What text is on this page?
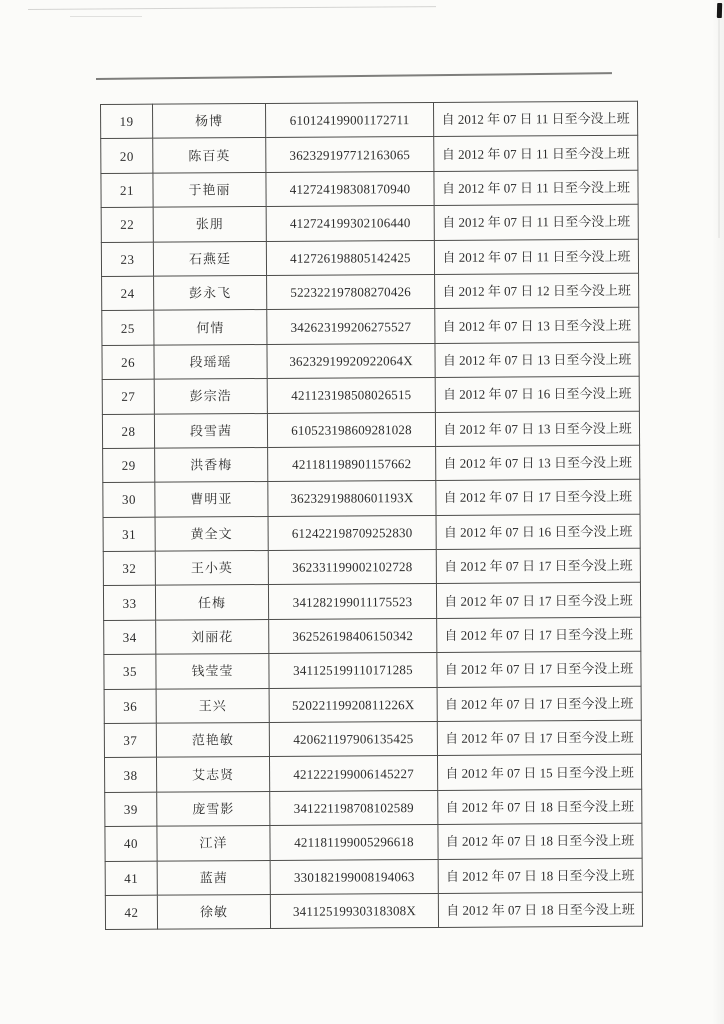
19	杨博	610124199001172711	自 2012 年 07 日 11 日至今没上班
20	陈百英	362329197712163065	自 2012 年 07 日 11 日至今没上班
21	于艳丽	412724198308170940	自 2012 年 07 日 11 日至今没上班
22	张朋	412724199302106440	自 2012 年 07 日 11 日至今没上班
23	石燕廷	412726198805142425	自 2012 年 07 日 11 日至今没上班
24	彭永飞	522322197808270426	自 2012 年 07 日 12 日至今没上班
25	何情	342623199206275527	自 2012 年 07 日 13 日至今没上班
26	段瑶瑶	36232919920922064X	自 2012 年 07 日 13 日至今没上班
27	彭宗浩	421123198508026515	自 2012 年 07 日 16 日至今没上班
28	段雪茜	610523198609281028	自 2012 年 07 日 13 日至今没上班
29	洪香梅	421181198901157662	自 2012 年 07 日 13 日至今没上班
30	曹明亚	36232919880601193X	自 2012 年 07 日 17 日至今没上班
31	黄全文	612422198709252830	自 2012 年 07 日 16 日至今没上班
32	王小英	362331199002102728	自 2012 年 07 日 17 日至今没上班
33	任梅	341282199011175523	自 2012 年 07 日 17 日至今没上班
34	刘丽花	362526198406150342	自 2012 年 07 日 17 日至今没上班
35	钱莹莹	341125199110171285	自 2012 年 07 日 17 日至今没上班
36	王兴	52022119920811226X	自 2012 年 07 日 17 日至今没上班
37	范艳敏	420621197906135425	自 2012 年 07 日 17 日至今没上班
38	艾志贤	421222199006145227	自 2012 年 07 日 15 日至今没上班
39	庞雪影	341221198708102589	自 2012 年 07 日 18 日至今没上班
40	江洋	421181199005296618	自 2012 年 07 日 18 日至今没上班
41	蓝茜	330182199008194063	自 2012 年 07 日 18 日至今没上班
42	徐敏	34112519930318308X	自 2012 年 07 日 18 日至今没上班
